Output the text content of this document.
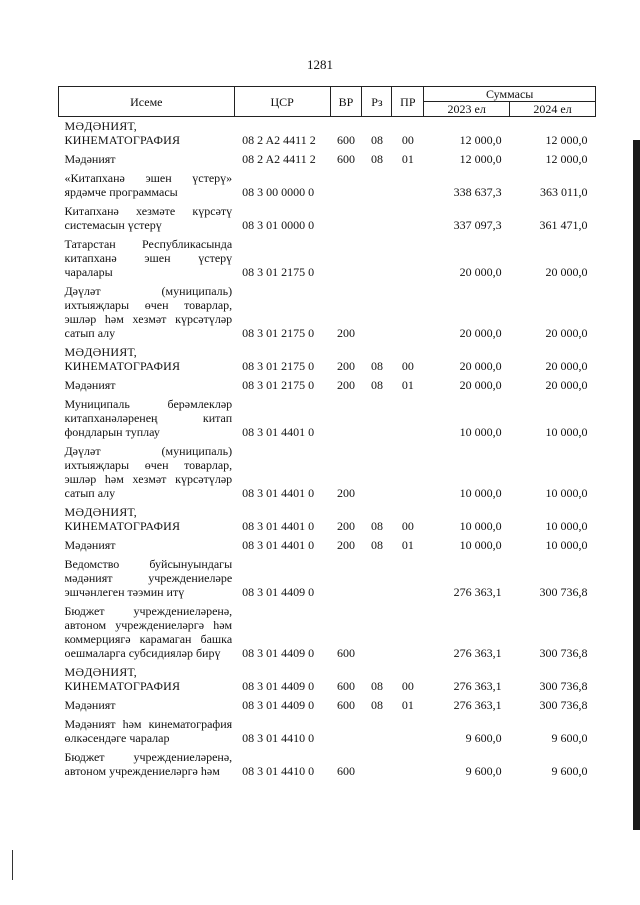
1281
Исеме	ЦСР	ВР	Рз	ПР	Суммасы	
					2023 ел	2024 ел
МӘДӘНИЯТ, КИНЕМАТОГРАФИЯ	08 2 A2 4411 2	600	08	00	12 000,0	12 000,0
Мәдәният	08 2 A2 4411 2	600	08	01	12 000,0	12 000,0
«Китапханә эшен үстерү» ярдәмче программасы	08 3 00 0000 0				338 637,3	363 011,0
Китапханә хезмәте күрсәтү системасын үстерү	08 3 01 0000 0				337 097,3	361 471,0
Татарстан Республикасында китапханә эшен үстерү чаралары	08 3 01 2175 0				20 000,0	20 000,0
Дәүләт (муниципаль) ихтыяҗлары өчен товарлар, эшләр һәм хезмәт күрсәтүләр сатып алу	08 3 01 2175 0	200			20 000,0	20 000,0
МӘДӘНИЯТ, КИНЕМАТОГРАФИЯ	08 3 01 2175 0	200	08	00	20 000,0	20 000,0
Мәдәният	08 3 01 2175 0	200	08	01	20 000,0	20 000,0
Муниципаль берәмлекләр китапханәләренең китап фондларын туплау	08 3 01 4401 0				10 000,0	10 000,0
Дәүләт (муниципаль) ихтыяҗлары өчен товарлар, эшләр һәм хезмәт күрсәтүләр сатып алу	08 3 01 4401 0	200			10 000,0	10 000,0
МӘДӘНИЯТ, КИНЕМАТОГРАФИЯ	08 3 01 4401 0	200	08	00	10 000,0	10 000,0
Мәдәният	08 3 01 4401 0	200	08	01	10 000,0	10 000,0
Ведомство буйсынуындагы мәдәният учреждениеләре эшчәнлеген тәэмин итү	08 3 01 4409 0				276 363,1	300 736,8
Бюджет учреждениеләренә, автоном учреждениеләргә һәм коммерциягә карамаган башка оешмаларга субсидияләр бирү	08 3 01 4409 0	600			276 363,1	300 736,8
МӘДӘНИЯТ, КИНЕМАТОГРАФИЯ	08 3 01 4409 0	600	08	00	276 363,1	300 736,8
Мәдәният	08 3 01 4409 0	600	08	01	276 363,1	300 736,8
Мәдәният һәм кинематография өлкәсендәге чаралар	08 3 01 4410 0				9 600,0	9 600,0
Бюджет учреждениеләренә, автоном учреждениеләргә һәм	08 3 01 4410 0	600			9 600,0	9 600,0
